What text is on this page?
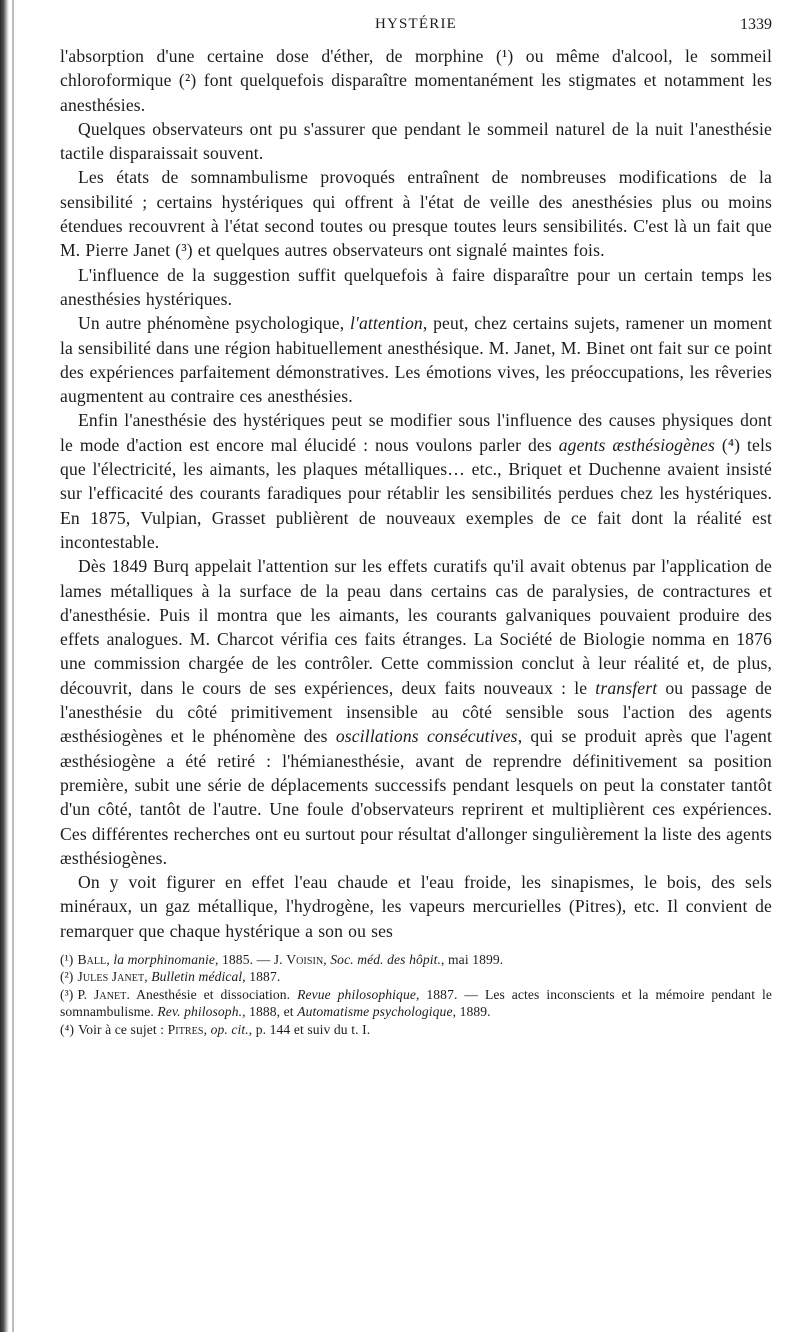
HYSTÉRIE	1339

l'absorption d'une certaine dose d'éther, de morphine (¹) ou même d'alcool, le sommeil chloroformique (²) font quelquefois disparaître momentanément les stigmates et notamment les anesthésies.

Quelques observateurs ont pu s'assurer que pendant le sommeil naturel de la nuit l'anesthésie tactile disparaissait souvent.

Les états de somnambulisme provoqués entraînent de nombreuses modifications de la sensibilité ; certains hystériques qui offrent à l'état de veille des anesthésies plus ou moins étendues recouvrent à l'état second toutes ou presque toutes leurs sensibilités. C'est là un fait que M. Pierre Janet (³) et quelques autres observateurs ont signalé maintes fois.

L'influence de la suggestion suffit quelquefois à faire disparaître pour un certain temps les anesthésies hystériques.

Un autre phénomène psychologique, l'attention, peut, chez certains sujets, ramener un moment la sensibilité dans une région habituellement anesthésique. M. Janet, M. Binet ont fait sur ce point des expériences parfaitement démonstratives. Les émotions vives, les préoccupations, les rêveries augmentent au contraire ces anesthésies.

Enfin l'anesthésie des hystériques peut se modifier sous l'influence des causes physiques dont le mode d'action est encore mal élucidé : nous voulons parler des agents æsthésiogènes (⁴) tels que l'électricité, les aimants, les plaques métalliques… etc., Briquet et Duchenne avaient insisté sur l'efficacité des courants faradiques pour rétablir les sensibilités perdues chez les hystériques. En 1875, Vulpian, Grasset publièrent de nouveaux exemples de ce fait dont la réalité est incontestable.

Dès 1849 Burq appelait l'attention sur les effets curatifs qu'il avait obtenus par l'application de lames métalliques à la surface de la peau dans certains cas de paralysies, de contractures et d'anesthésie. Puis il montra que les aimants, les courants galvaniques pouvaient produire des effets analogues. M. Charcot vérifia ces faits étranges. La Société de Biologie nomma en 1876 une commission chargée de les contrôler. Cette commission conclut à leur réalité et, de plus, découvrit, dans le cours de ses expériences, deux faits nouveaux : le transfert ou passage de l'anesthésie du côté primitivement insensible au côté sensible sous l'action des agents æsthésiogènes et le phénomène des oscillations consécutives, qui se produit après que l'agent æsthésiogène a été retiré : l'hémianesthésie, avant de reprendre définitivement sa position première, subit une série de déplacements successifs pendant lesquels on peut la constater tantôt d'un côté, tantôt de l'autre. Une foule d'observateurs reprirent et multiplièrent ces expériences. Ces différentes recherches ont eu surtout pour résultat d'allonger singulièrement la liste des agents æsthésiogènes.

On y voit figurer en effet l'eau chaude et l'eau froide, les sinapismes, le bois, des sels minéraux, un gaz métallique, l'hydrogène, les vapeurs mercurielles (Pitres), etc. Il convient de remarquer que chaque hystérique a son ou ses

(¹) Ball, la morphinomanie, 1885. — J. Voisin, Soc. méd. des hôpit., mai 1899.

(²) Jules Janet, Bulletin médical, 1887.

(³) P. Janet. Anesthésie et dissociation. Revue philosophique, 1887. — Les actes inconscients et la mémoire pendant le somnambulisme. Rev. philosoph., 1888, et Automatisme psychologique, 1889.

(⁴) Voir à ce sujet : Pitres, op. cit., p. 144 et suiv du t. I.
